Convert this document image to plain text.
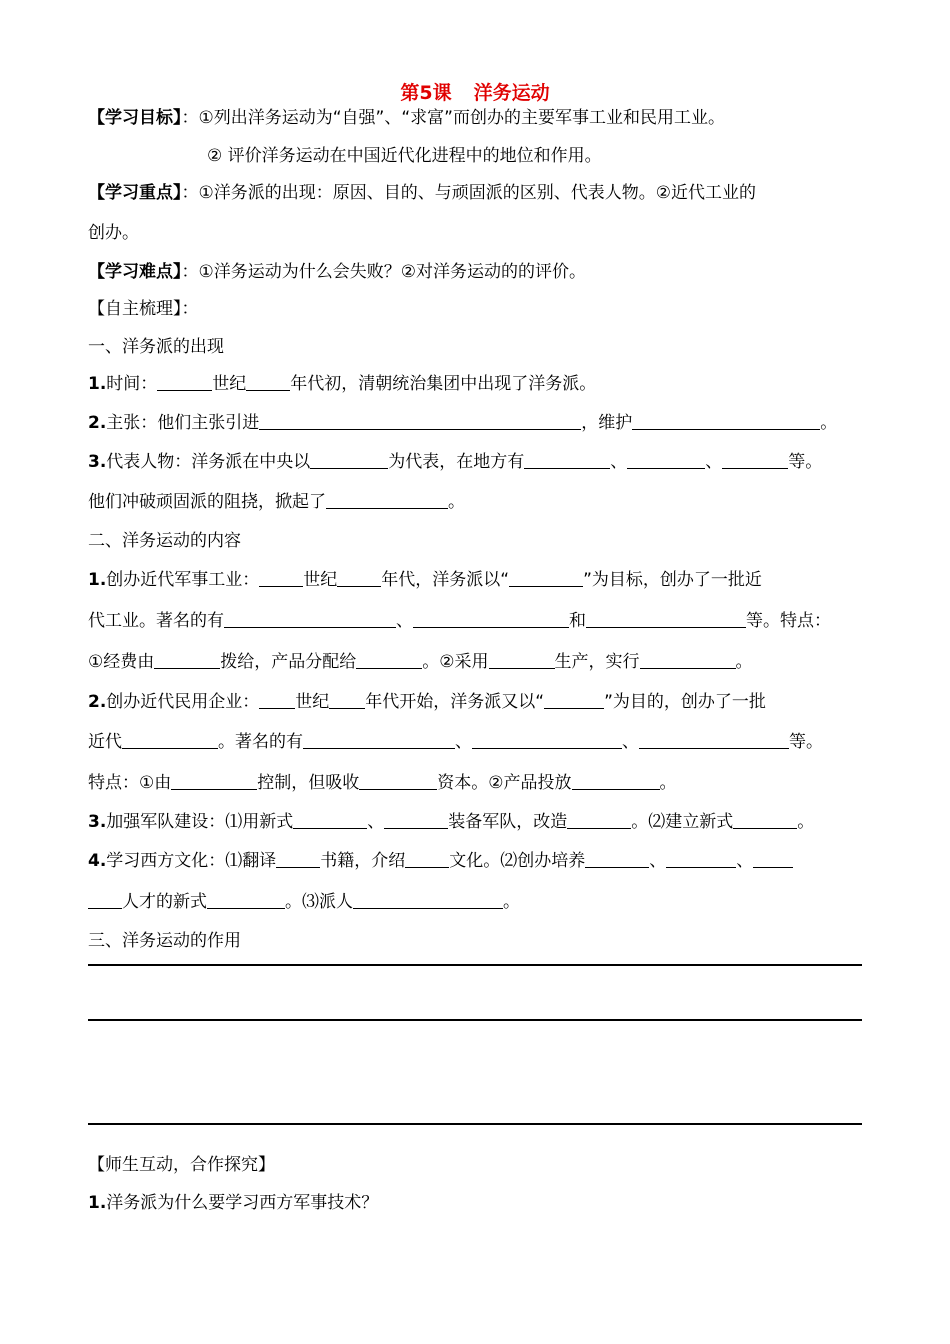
第5课 洋务运动
【学习目标】：①列出洋务运动为“自强”、“求富”而创办的主要军事工业和民用工业。
② 评价洋务运动在中国近代化进程中的地位和作用。
【学习重点】：①洋务派的出现：原因、目的、与顽固派的区别、代表人物。②近代工业的
创办。
【学习难点】：①洋务运动为什么会失败？②对洋务运动的的评价。
【自主梳理】：
一、洋务派的出现
1.时间：	世纪	年代初，清朝统治集团中出现了洋务派。
2.主张：他们主张引进	，维护	。
3.代表人物：洋务派在中央以	为代表，在地方有	、	、	等。
他们冲破顽固派的阻挠，掀起了	。
二、洋务运动的内容
1.创办近代军事工业：	世纪	年代，洋务派以“	”为目标，创办了一批近
代工业。著名的有	、	和	等。特点：
①经费由	拨给，产品分配给	。②采用	生产，实行	。
2.创办近代民用企业： 世纪 年代开始，洋务派又以“	”为目的，创办了一批
近代	。著名的有	、	、	等。
特点：①由	控制，但吸收	资本。②产品投放	。
3.加强军队建设：⑴用新式	、	装备军队，改造	。⑵建立新式	。
4.学习西方文化：⑴翻译	书籍，介绍	文化。⑵创办培养	、	、
人才的新式	。⑶派人	。
三、洋务运动的作用
【师生互动，合作探究】
1.洋务派为什么要学习西方军事技术？
